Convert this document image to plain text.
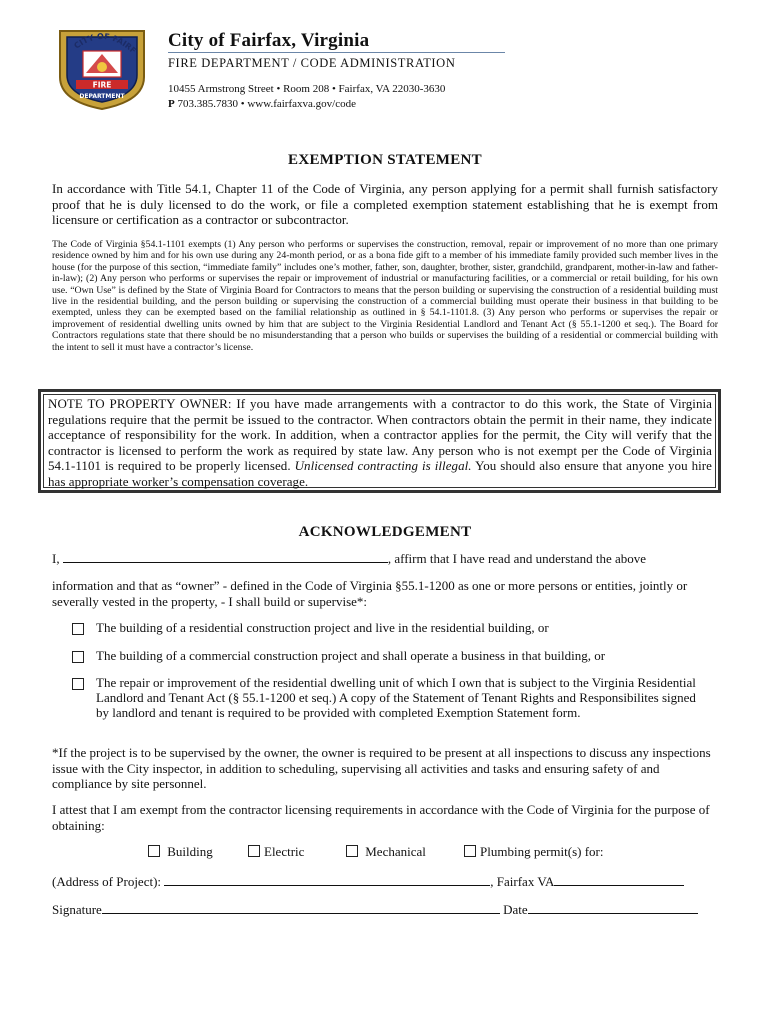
CITY OF FAIRF
FIRE
DEPARTMENT
City of Fairfax, Virginia
FIRE DEPARTMENT / CODE ADMINISTRATION
10455 Armstrong Street • Room 208 • Fairfax, VA 22030-3630
P 703.385.7830 • www.fairfaxva.gov/code
EXEMPTION STATEMENT
In accordance with Title 54.1, Chapter 11 of the Code of Virginia, any person applying for a permit shall furnish satisfactory proof that he is duly licensed to do the work, or file a completed exemption statement establishing that he is exempt from licensure or certification as a contractor or subcontractor.
The Code of Virginia §54.1-1101 exempts (1) Any person who performs or supervises the construction, removal, repair or improvement of no more than one primary residence owned by him and for his own use during any 24-month period, or as a bona fide gift to a member of his immediate family provided such member lives in the house (for the purpose of this section, “immediate family” includes one’s mother, father, son, daughter, brother, sister, grandchild, grandparent, mother-in-law and father-in-law); (2) Any person who performs or supervises the repair or improvement of industrial or manufacturing facilities, or a commercial or retail building, for his own use. “Own Use” is defined by the State of Virginia Board for Contractors to means that the person building or supervising the construction of a residential building must live in the residential building, and the person building or supervising the construction of a commercial building must operate their business in that building to be exempted, unless they can be exempted based on the familial relationship as outlined in § 54.1-1101.8. (3) Any person who performs or supervises the repair or improvement of residential dwelling units owned by him that are subject to the Virginia Residential Landlord and Tenant Act (§ 55.1-1200 et seq.). The Board for Contractors regulations state that there should be no misunderstanding that a person who builds or supervises the building of a residential or commercial building with the intent to sell it must have a contractor’s license.
NOTE TO PROPERTY OWNER: If you have made arrangements with a contractor to do this work, the State of Virginia regulations require that the permit be issued to the contractor. When contractors obtain the permit in their name, they indicate acceptance of responsibility for the work. In addition, when a contractor applies for the permit, the City will verify that the contractor is licensed to perform the work as required by state law. Any person who is not exempt per the Code of Virginia 54.1-1101 is required to be properly licensed. Unlicensed contracting is illegal. You should also ensure that anyone you hire has appropriate worker’s compensation coverage.
ACKNOWLEDGEMENT
I,	, affirm that I have read and understand the above
information and that as “owner” - defined in the Code of Virginia §55.1-1200 as one or more persons or entities, jointly or severally vested in the property, - I shall build or supervise*:
The building of a residential construction project and live in the residential building, or
The building of a commercial construction project and shall operate a business in that building, or
The repair or improvement of the residential dwelling unit of which I own that is subject to the Virginia Residential Landlord and Tenant Act (§ 55.1-1200 et seq.) A copy of the Statement of Tenant Rights and Responsibilites signed by landlord and tenant is required to be provided with completed Exemption Statement form.
*If the project is to be supervised by the owner, the owner is required to be present at all inspections to discuss any inspections issue with the City inspector, in addition to scheduling, supervising all activities and tasks and ensuring safety of and compliance by site personnel.
I attest that I am exempt from the contractor licensing requirements in accordance with the Code of Virginia for the purpose of obtaining:
Building	Electric	Mechanical	Plumbing permit(s) for:
(Address of Project):	, Fairfax VA
Signature	Date
